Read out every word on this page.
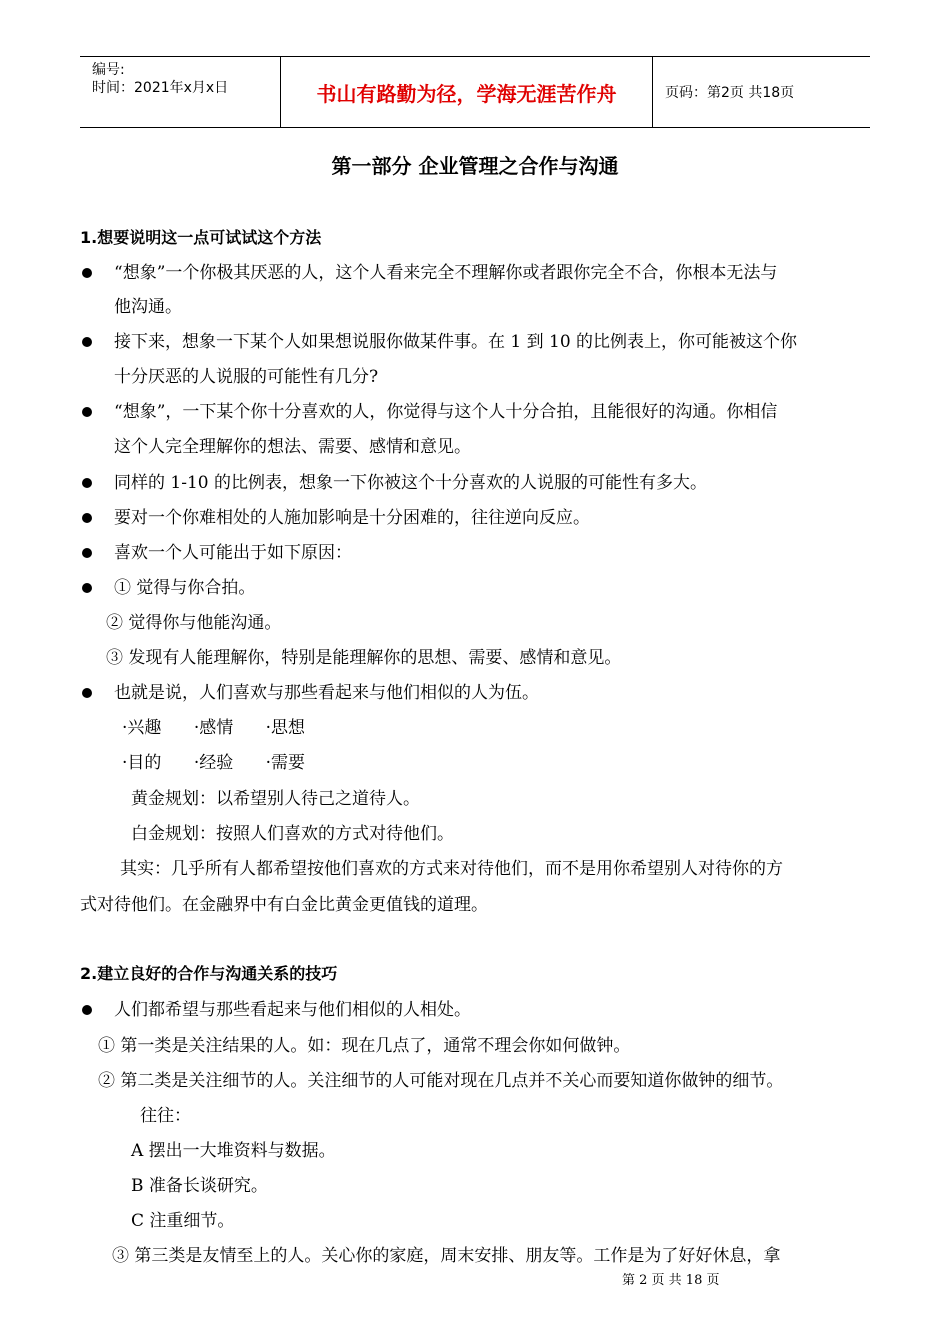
编号:
时间：2021年x月x日	书山有路勤为径，学海无涯苦作舟	页码：第2页 共18页
第一部分 企业管理之合作与沟通
1.想要说明这一点可试试这个方法
“想象”一个你极其厌恶的人，这个人看来完全不理解你或者跟你完全不合，你根本无法与
他沟通。
接下来，想象一下某个人如果想说服你做某件事。在 1 到 10 的比例表上，你可能被这个你
十分厌恶的人说服的可能性有几分?
“想象”，一下某个你十分喜欢的人，你觉得与这个人十分合拍，且能很好的沟通。你相信
这个人完全理解你的想法、需要、感情和意见。
同样的 1-10 的比例表，想象一下你被这个十分喜欢的人说服的可能性有多大。
要对一个你难相处的人施加影响是十分困难的，往往逆向反应。
喜欢一个人可能出于如下原因：
① 觉得与你合拍。
② 觉得你与他能沟通。
③ 发现有人能理解你，特别是能理解你的思想、需要、感情和意见。
也就是说，人们喜欢与那些看起来与他们相似的人为伍。
·兴趣      ·感情      ·思想
·目的      ·经验      ·需要
黄金规划：以希望别人待己之道待人。
白金规划：按照人们喜欢的方式对待他们。
其实：几乎所有人都希望按他们喜欢的方式来对待他们，而不是用你希望别人对待你的方
式对待他们。在金融界中有白金比黄金更值钱的道理。
2.建立良好的合作与沟通关系的技巧
人们都希望与那些看起来与他们相似的人相处。
① 第一类是关注结果的人。如：现在几点了，通常不理会你如何做钟。
② 第二类是关注细节的人。关注细节的人可能对现在几点并不关心而要知道你做钟的细节。
往往：
A 摆出一大堆资料与数据。
B 准备长谈研究。
C 注重细节。
③ 第三类是友情至上的人。关心你的家庭，周末安排、朋友等。工作是为了好好休息，拿
第 2 页 共 18 页
